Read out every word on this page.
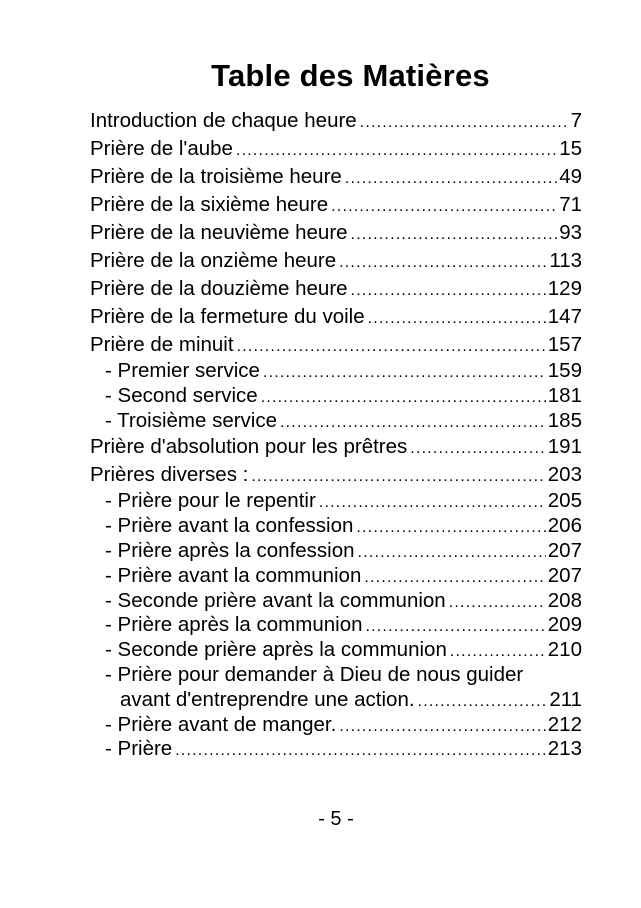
Table des Matières
Introduction de chaque heure .....	7
Prière de l'aube .....	15
Prière de la troisième heure .....	49
Prière de la sixième heure .....	71
Prière de la neuvième heure .....	93
Prière de la onzième heure .....	113
Prière de la douzième heure .....	129
Prière de la fermeture du voile .....	147
Prière de minuit .....	157
- Premier service .....	159
- Second service .....	181
- Troisième service .....	185
Prière d'absolution pour les prêtres .....	191
Prières diverses : .....	203
- Prière pour le repentir .....	205
- Prière avant la confession .....	206
- Prière après la confession .....	207
- Prière avant la communion .....	207
- Seconde prière avant la communion .....	208
- Prière après la communion .....	209
- Seconde prière après la communion .....	210
- Prière pour demander à Dieu de nous guider
avant d'entreprendre une action. .....	211
- Prière avant de manger. .....	212
- Prière .....	213
- 5 -
